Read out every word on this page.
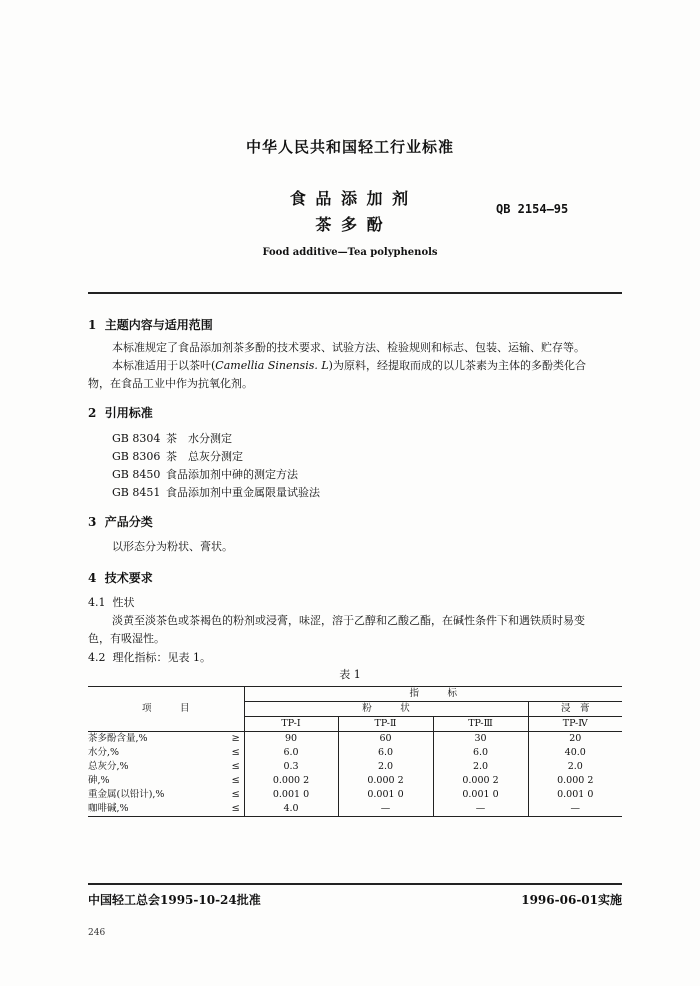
中华人民共和国轻工行业标准
食 品 添 加 剂
茶 多 酚
QB 2154—95
Food additive—Tea polyphenols
1 主题内容与适用范围
本标准规定了食品添加剂茶多酚的技术要求、试验方法、检验规则和标志、包装、运输、贮存等。
本标准适用于以茶叶(Camellia Sinensis. L)为原料，经提取而成的以儿茶素为主体的多酚类化合
物，在食品工业中作为抗氧化剂。
2 引用标准
GB 8304 茶　水分测定
GB 8306 茶　总灰分测定
GB 8450 食品添加剂中砷的测定方法
GB 8451 食品添加剂中重金属限量试验法
3 产品分类
以形态分为粉状、膏状。
4 技术要求
4.1 性状
淡黄至淡茶色或茶褐色的粉剂或浸膏，味涩，溶于乙醇和乙酸乙酯，在碱性条件下和遇铁质时易变
色，有吸湿性。
4.2 理化指标：见表 1。
表 1
项　　　目		指　　　标			
		粉　　　状			浸　膏
		TP-Ⅰ	TP-Ⅱ	TP-Ⅲ	TP-Ⅳ
茶多酚含量,%	≥	90	60	30	20
水分,%	≤	6.0	6.0	6.0	40.0
总灰分,%	≤	0.3	2.0	2.0	2.0
砷,%	≤	0.000 2	0.000 2	0.000 2	0.000 2
重金属(以铅计),%	≤	0.001 0	0.001 0	0.001 0	0.001 0
咖啡碱,%	≤	4.0	—	—	—
中国轻工总会1995-10-24批准	1996-06-01实施
246
